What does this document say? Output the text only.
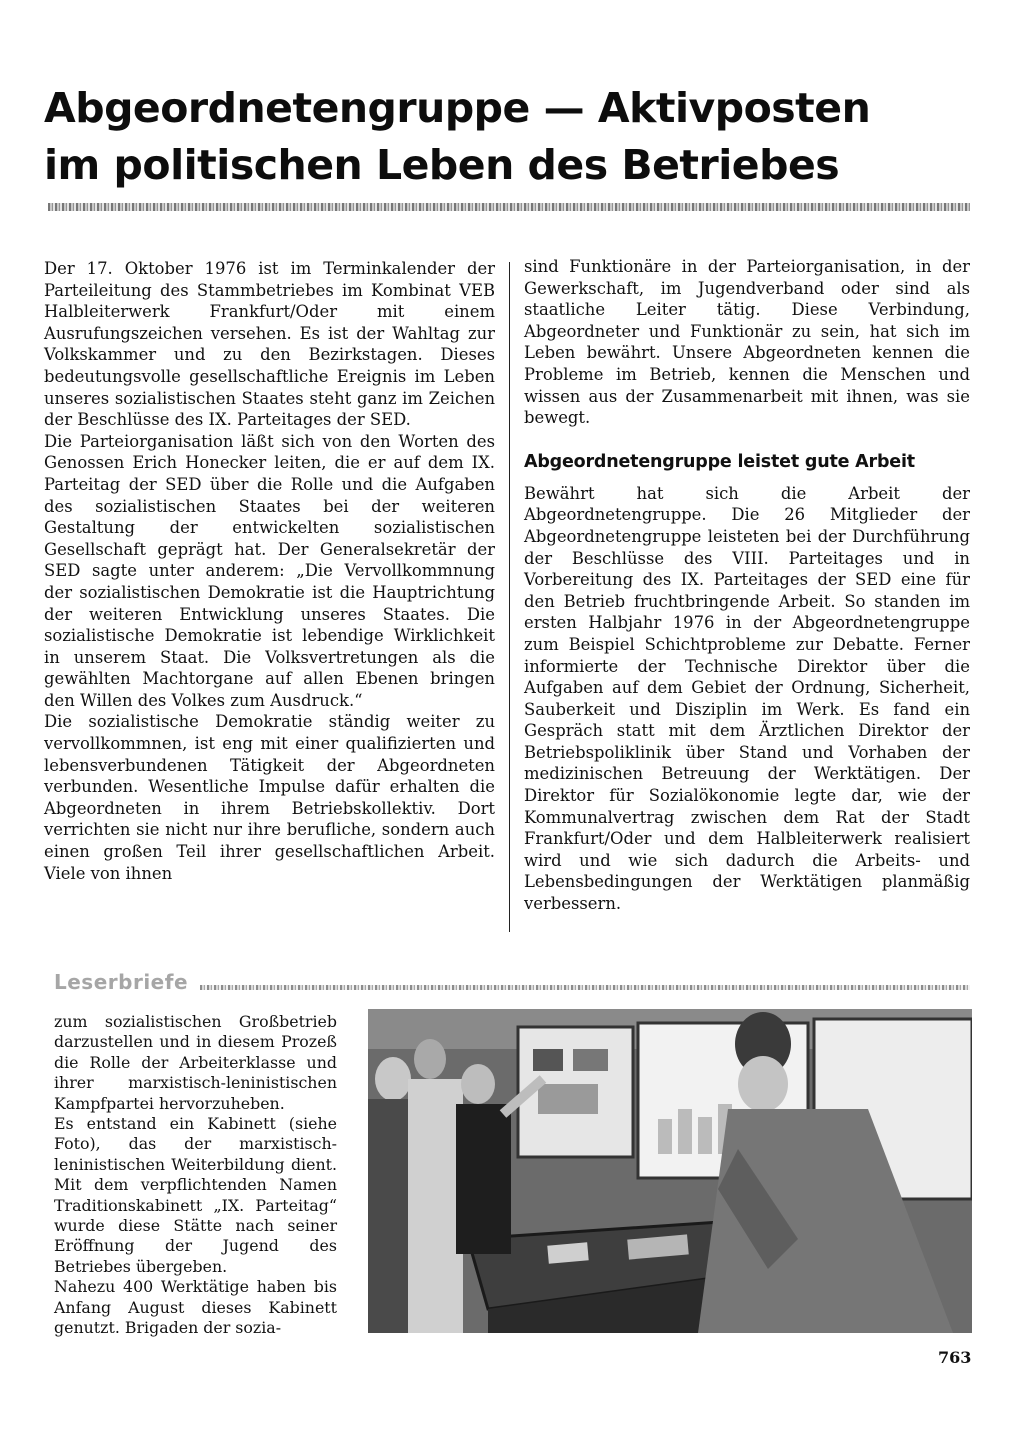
Abgeordnetengruppe — Aktivposten
im politischen Leben des Betriebes

Der 17. Oktober 1976 ist im Terminkalender der Parteileitung des Stammbetriebes im Kombinat VEB Halbleiterwerk Frankfurt/Oder mit einem Ausrufungszeichen versehen. Es ist der Wahltag zur Volkskammer und zu den Bezirkstagen. Dieses bedeutungsvolle gesellschaftliche Ereignis im Leben unseres sozialistischen Staates steht ganz im Zeichen der Beschlüsse des IX. Parteitages der SED.

Die Parteiorganisation läßt sich von den Worten des Genossen Erich Honecker leiten, die er auf dem IX. Parteitag der SED über die Rolle und die Aufgaben des sozialistischen Staates bei der weiteren Gestaltung der entwickelten sozialistischen Gesellschaft geprägt hat. Der Generalsekretär der SED sagte unter anderem: „Die Vervollkommnung der sozialistischen Demokratie ist die Hauptrichtung der weiteren Entwicklung unseres Staates. Die sozialistische Demokratie ist lebendige Wirklichkeit in unserem Staat. Die Volksvertretungen als die gewählten Machtorgane auf allen Ebenen bringen den Willen des Volkes zum Ausdruck.“

Die sozialistische Demokratie ständig weiter zu vervollkommnen, ist eng mit einer qualifizierten und lebensverbundenen Tätigkeit der Abgeordneten verbunden. Wesentliche Impulse dafür erhalten die Abgeordneten in ihrem Betriebskollektiv. Dort verrichten sie nicht nur ihre berufliche, sondern auch einen großen Teil ihrer gesellschaftlichen Arbeit. Viele von ihnen

sind Funktionäre in der Parteiorganisation, in der Gewerkschaft, im Jugendverband oder sind als staatliche Leiter tätig. Diese Verbindung, Abgeordneter und Funktionär zu sein, hat sich im Leben bewährt. Unsere Abgeordneten kennen die Probleme im Betrieb, kennen die Menschen und wissen aus der Zusammenarbeit mit ihnen, was sie bewegt.

Abgeordnetengruppe leistet gute Arbeit

Bewährt hat sich die Arbeit der Abgeordnetengruppe. Die 26 Mitglieder der Abgeordnetengruppe leisteten bei der Durchführung der Beschlüsse des VIII. Parteitages und in Vorbereitung des IX. Parteitages der SED eine für den Betrieb fruchtbringende Arbeit. So standen im ersten Halbjahr 1976 in der Abgeordnetengruppe zum Beispiel Schichtprobleme zur Debatte. Ferner informierte der Technische Direktor über die Aufgaben auf dem Gebiet der Ordnung, Sicherheit, Sauberkeit und Disziplin im Werk. Es fand ein Gespräch statt mit dem Ärztlichen Direktor der Betriebspoliklinik über Stand und Vorhaben der medizinischen Betreuung der Werktätigen. Der Direktor für Sozialökonomie legte dar, wie der Kommunalvertrag zwischen dem Rat der Stadt Frankfurt/Oder und dem Halbleiterwerk realisiert wird und wie sich dadurch die Arbeits- und Lebensbedingungen der Werktätigen planmäßig verbessern.

Leserbriefe

zum sozialistischen Großbetrieb darzustellen und in diesem Prozeß die Rolle der Arbeiterklasse und ihrer marxistisch-leninistischen Kampfpartei hervorzuheben.

Es entstand ein Kabinett (siehe Foto), das der marxistisch-leninistischen Weiterbildung dient. Mit dem verpflichtenden Namen Traditionskabinett „IX. Parteitag“ wurde diese Stätte nach seiner Eröffnung der Jugend des Betriebes übergeben.

Nahezu 400 Werktätige haben bis Anfang August dieses Kabinett genutzt. Brigaden der sozia-

763
